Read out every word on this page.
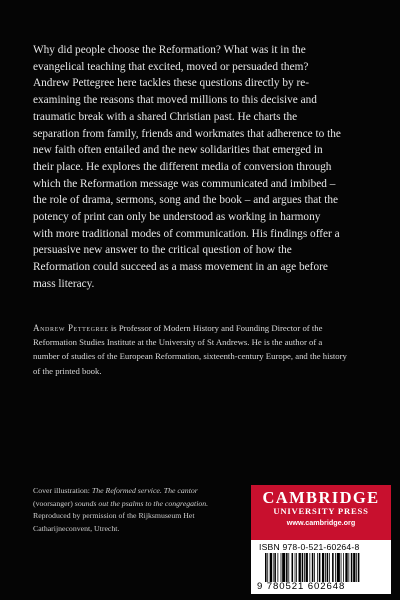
Why did people choose the Reformation? What was it in the evangelical teaching that excited, moved or persuaded them? Andrew Pettegree here tackles these questions directly by re-examining the reasons that moved millions to this decisive and traumatic break with a shared Christian past. He charts the separation from family, friends and workmates that adherence to the new faith often entailed and the new solidarities that emerged in their place. He explores the different media of conversion through which the Reformation message was communicated and imbibed – the role of drama, sermons, song and the book – and argues that the potency of print can only be understood as working in harmony with more traditional modes of communication. His findings offer a persuasive new answer to the critical question of how the Reformation could succeed as a mass movement in an age before mass literacy.

Andrew Pettegree is Professor of Modern History and Founding Director of the Reformation Studies Institute at the University of St Andrews. He is the author of a number of studies of the European Reformation, sixteenth-century Europe, and the history of the printed book.

Cover illustration: The Reformed service. The cantor (voorsanger) sounds out the psalms to the congregation. Reproduced by permission of the Rijksmuseum Het Catharijneconvent, Utrecht.

CAMBRIDGE
UNIVERSITY PRESS
www.cambridge.org
ISBN 978-0-521-60264-8
9 780521 602648
